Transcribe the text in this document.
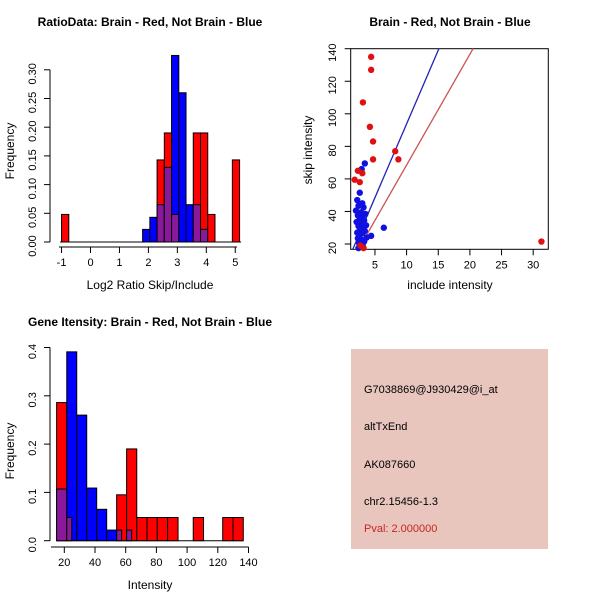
0.00
0.05
0.10
0.15
0.20
0.25
0.30
-1 0 1 2 3 4 5	5 10 15 20 25 30
20
40
60
80
100
120
140
0.0
0.1
0.2
0.3
0.4
20 40 60 80 100 120 140
RatioData: Brain - Red, Not Brain - Blue	Brain - Red, Not Brain - Blue
Gene Itensity: Brain - Red, Not Brain - Blue
Log2 Ratio Skip/Include	include intensity
Intensity
Frequency	skip intensity
Frequency
G7038869@J930429@i_at
altTxEnd
AK087660
chr2.15456-1.3
Pval: 2.000000
